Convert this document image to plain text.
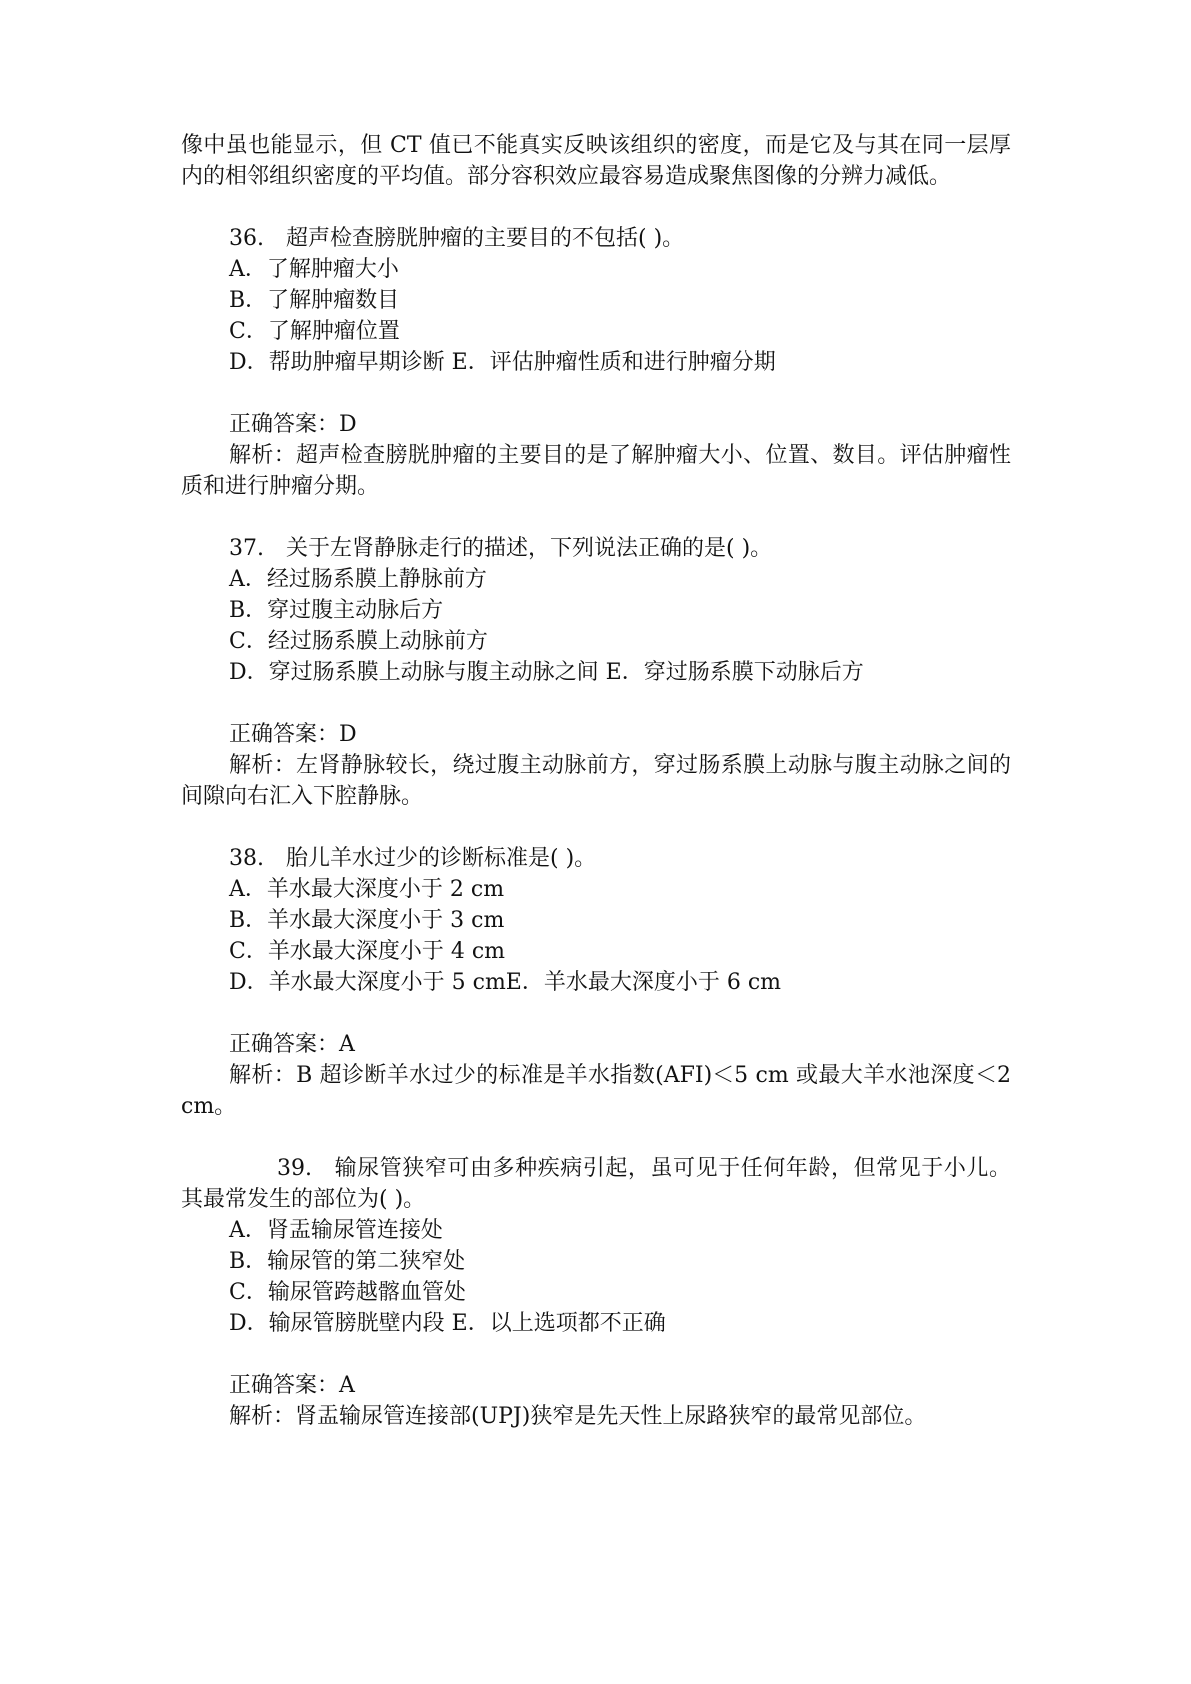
像中虽也能显示，但 CT 值已不能真实反映该组织的密度，而是它及与其在同一层厚内的相邻组织密度的平均值。部分容积效应最容易造成聚焦图像的分辨力减低。

36. 超声检查膀胱肿瘤的主要目的不包括( )。

A．了解肿瘤大小

B．了解肿瘤数目

C．了解肿瘤位置

D．帮助肿瘤早期诊断 E．评估肿瘤性质和进行肿瘤分期

正确答案：D

解析：超声检查膀胱肿瘤的主要目的是了解肿瘤大小、位置、数目。评估肿瘤性质和进行肿瘤分期。

37. 关于左肾静脉走行的描述，下列说法正确的是( )。

A．经过肠系膜上静脉前方

B．穿过腹主动脉后方

C．经过肠系膜上动脉前方

D．穿过肠系膜上动脉与腹主动脉之间 E．穿过肠系膜下动脉后方

正确答案：D

解析：左肾静脉较长，绕过腹主动脉前方，穿过肠系膜上动脉与腹主动脉之间的间隙向右汇入下腔静脉。

38. 胎儿羊水过少的诊断标准是( )。

A．羊水最大深度小于 2 cm

B．羊水最大深度小于 3 cm

C．羊水最大深度小于 4 cm

D．羊水最大深度小于 5 cmE．羊水最大深度小于 6 cm

正确答案：A

解析：B 超诊断羊水过少的标准是羊水指数(AFI)＜5 cm 或最大羊水池深度＜2 cm。

39. 输尿管狭窄可由多种疾病引起，虽可见于任何年龄，但常见于小儿。其最常发生的部位为( )。

A．肾盂输尿管连接处

B．输尿管的第二狭窄处

C．输尿管跨越髂血管处

D．输尿管膀胱壁内段 E．以上选项都不正确

正确答案：A

解析：肾盂输尿管连接部(UPJ)狭窄是先天性上尿路狭窄的最常见部位。
